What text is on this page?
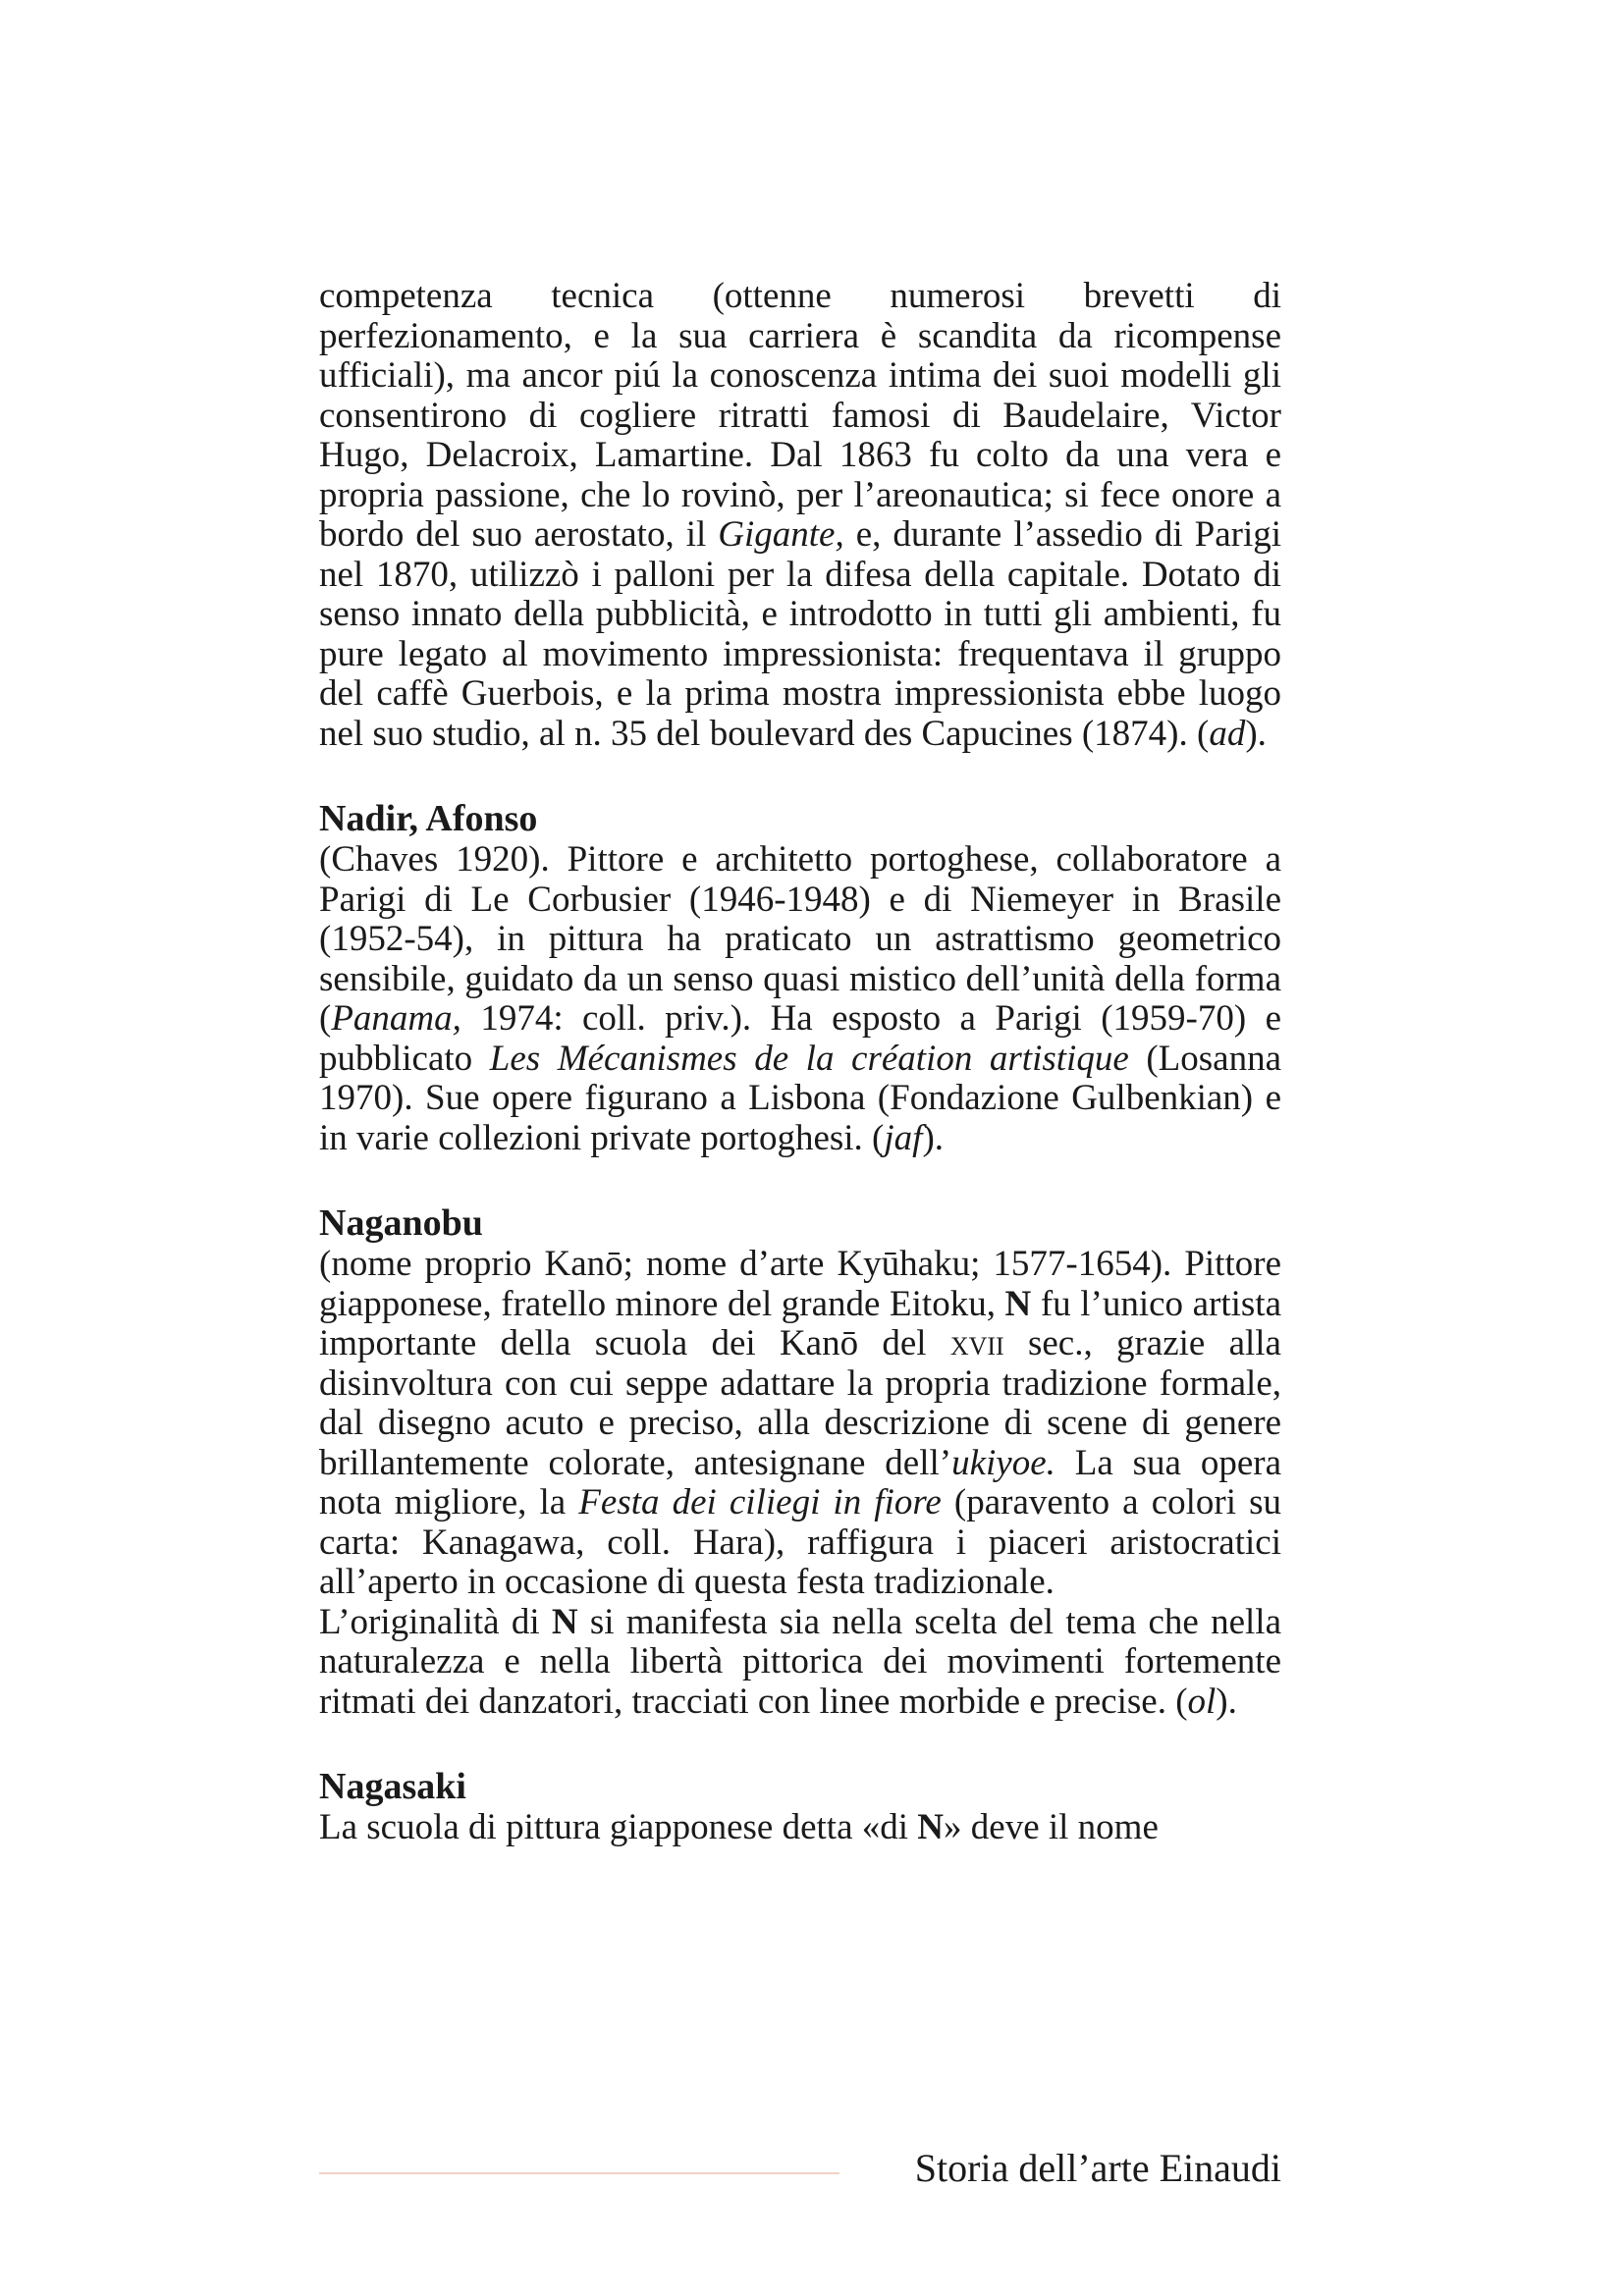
competenza tecnica (ottenne numerosi brevetti di perfezionamento, e la sua carriera è scandita da ricompense ufficiali), ma ancor piú la conoscenza intima dei suoi modelli gli consentirono di cogliere ritratti famosi di Baudelaire, Victor Hugo, Delacroix, Lamartine. Dal 1863 fu colto da una vera e propria passione, che lo rovinò, per l’areonautica; si fece onore a bordo del suo aerostato, il Gigante, e, durante l’assedio di Parigi nel 1870, utilizzò i palloni per la difesa della capitale. Dotato di senso innato della pubblicità, e introdotto in tutti gli ambienti, fu pure legato al movimento impressionista: frequentava il gruppo del caffè Guerbois, e la prima mostra impressionista ebbe luogo nel suo studio, al n. 35 del boulevard des Capucines (1874). (ad).

Nadir, Afonso

(Chaves 1920). Pittore e architetto portoghese, collaboratore a Parigi di Le Corbusier (1946-1948) e di Niemeyer in Brasile (1952-54), in pittura ha praticato un astrattismo geometrico sensibile, guidato da un senso quasi mistico dell’unità della forma (Panama, 1974: coll. priv.). Ha esposto a Parigi (1959-70) e pubblicato Les Mécanismes de la création artistique (Losanna 1970). Sue opere figurano a Lisbona (Fondazione Gulbenkian) e in varie collezioni private portoghesi. (jaf).

Naganobu

(nome proprio Kanō; nome d’arte Kyūhaku; 1577-1654). Pittore giapponese, fratello minore del grande Eitoku, N fu l’unico artista importante della scuola dei Kanō del xvii sec., grazie alla disinvoltura con cui seppe adattare la propria tradizione formale, dal disegno acuto e preciso, alla descrizione di scene di genere brillantemente colorate, antesignane dell’ukiyoe. La sua opera nota migliore, la Festa dei ciliegi in fiore (paravento a colori su carta: Kanagawa, coll. Hara), raffigura i piaceri aristocratici all’aperto in occasione di questa festa tradizionale.

L’originalità di N si manifesta sia nella scelta del tema che nella naturalezza e nella libertà pittorica dei movimenti fortemente ritmati dei danzatori, tracciati con linee morbide e precise. (ol).

Nagasaki

La scuola di pittura giapponese detta «di N» deve il nome

Storia dell’arte Einaudi
